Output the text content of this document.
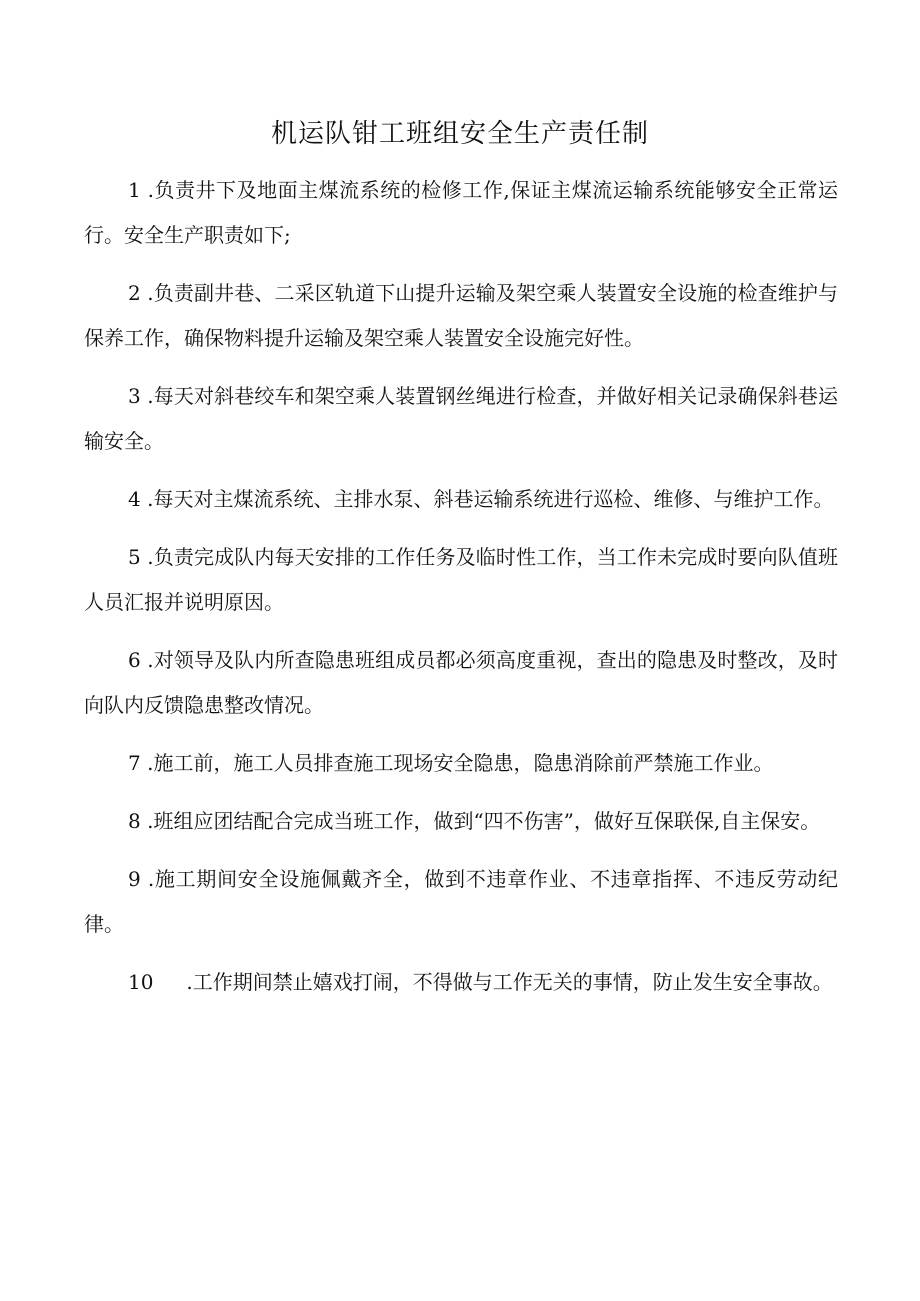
机运队钳工班组安全生产责任制

1 .负责井下及地面主煤流系统的检修工作,保证主煤流运输系统能够安全正常运行。安全生产职责如下;

2 .负责副井巷、二采区轨道下山提升运输及架空乘人装置安全设施的检查维护与保养工作，确保物料提升运输及架空乘人装置安全设施完好性。

3 .每天对斜巷绞车和架空乘人装置钢丝绳进行检查，并做好相关记录确保斜巷运输安全。

4 .每天对主煤流系统、主排水泵、斜巷运输系统进行巡检、维修、与维护工作。

5 .负责完成队内每天安排的工作任务及临时性工作，当工作未完成时要向队值班人员汇报并说明原因。

6 .对领导及队内所查隐患班组成员都必须高度重视，查出的隐患及时整改，及时向队内反馈隐患整改情况。

7 .施工前，施工人员排查施工现场安全隐患，隐患消除前严禁施工作业。

8 .班组应团结配合完成当班工作，做到“四不伤害”，做好互保联保,自主保安。

9 .施工期间安全设施佩戴齐全，做到不违章作业、不违章指挥、不违反劳动纪律。

10 .工作期间禁止嬉戏打闹，不得做与工作无关的事情，防止发生安全事故。
